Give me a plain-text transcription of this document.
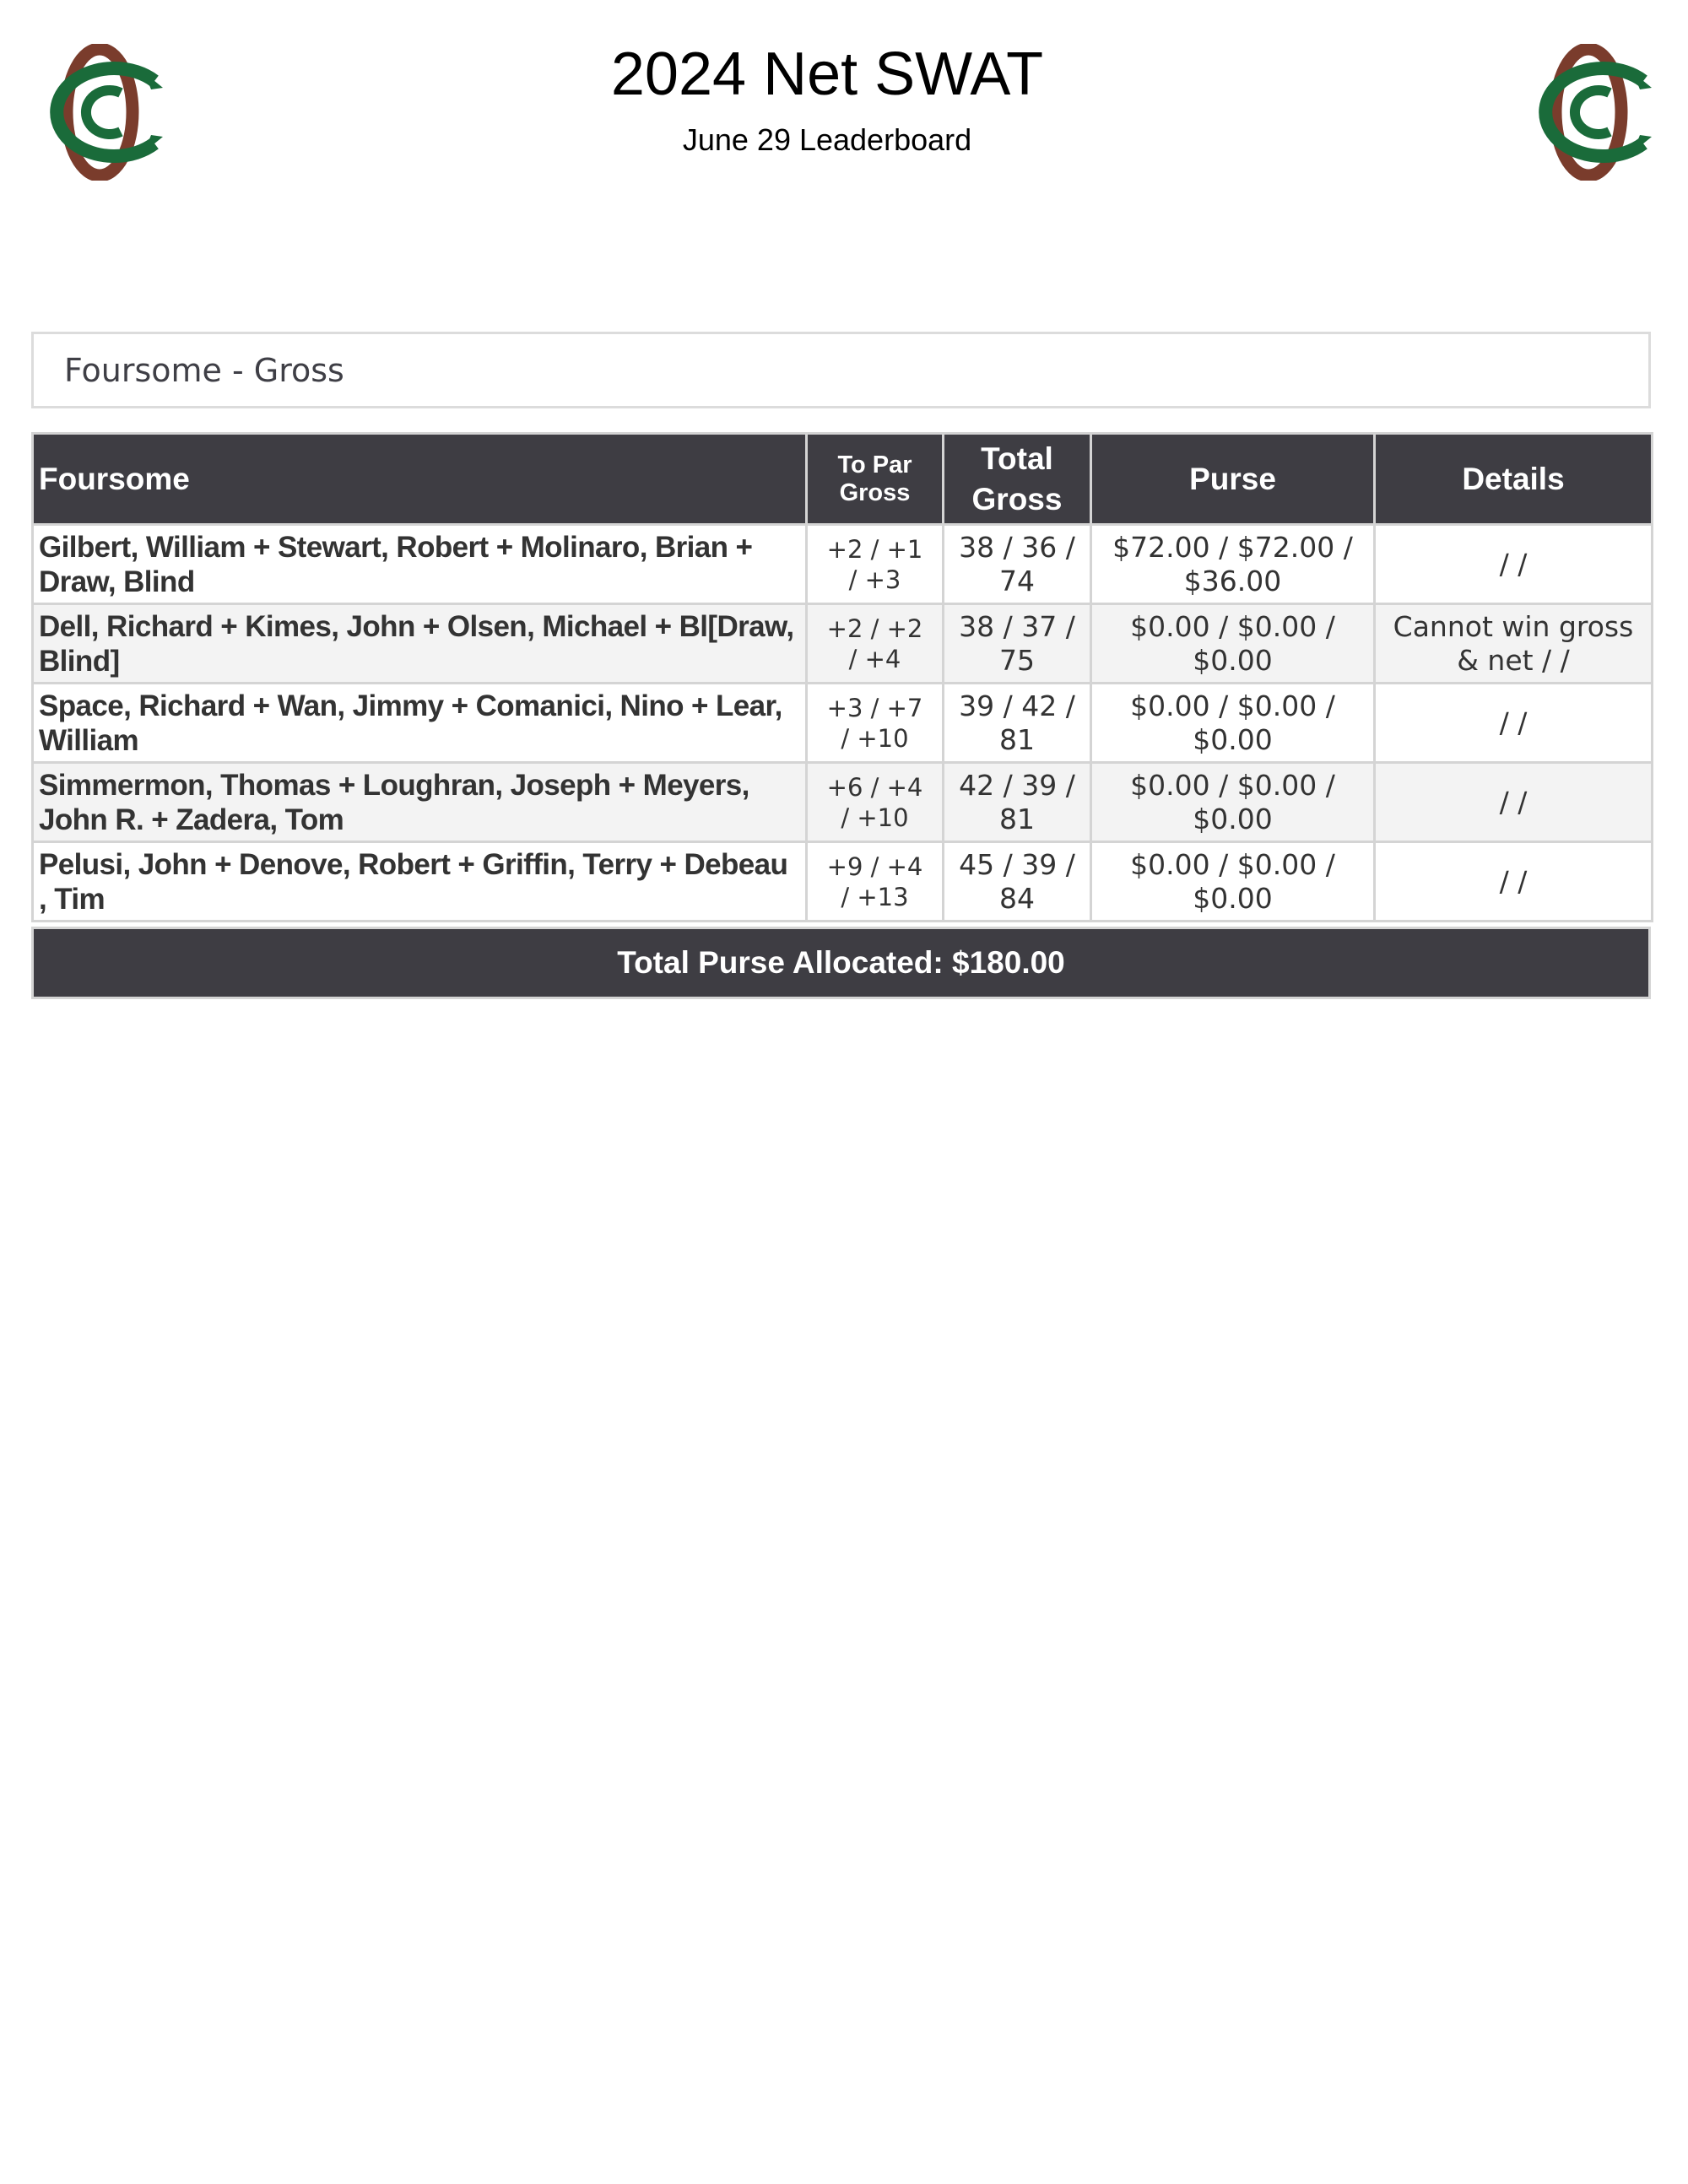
2024 Net SWAT
June 29 Leaderboard
Foursome - Gross
Foursome	To Par Gross	Total Gross	Purse	Details
Gilbert, William + Stewart, Robert + Molinaro, Brian + Draw, Blind	+2 / +1 / +3	38 / 36 / 74	$72.00 / $72.00 / $36.00	/ /
Dell, Richard + Kimes, John + Olsen, Michael + Bl[Draw, Blind]	+2 / +2 / +4	38 / 37 / 75	$0.00 / $0.00 / $0.00	Cannot win gross & net / /
Space, Richard + Wan, Jimmy + Comanici, Nino + Lear, William	+3 / +7 / +10	39 / 42 / 81	$0.00 / $0.00 / $0.00	/ /
Simmermon, Thomas + Loughran, Joseph + Meyers, John R. + Zadera, Tom	+6 / +4 / +10	42 / 39 / 81	$0.00 / $0.00 / $0.00	/ /
Pelusi, John + Denove, Robert + Griffin, Terry + Debeau , Tim	+9 / +4 / +13	45 / 39 / 84	$0.00 / $0.00 / $0.00	/ /
Total Purse Allocated: $180.00
